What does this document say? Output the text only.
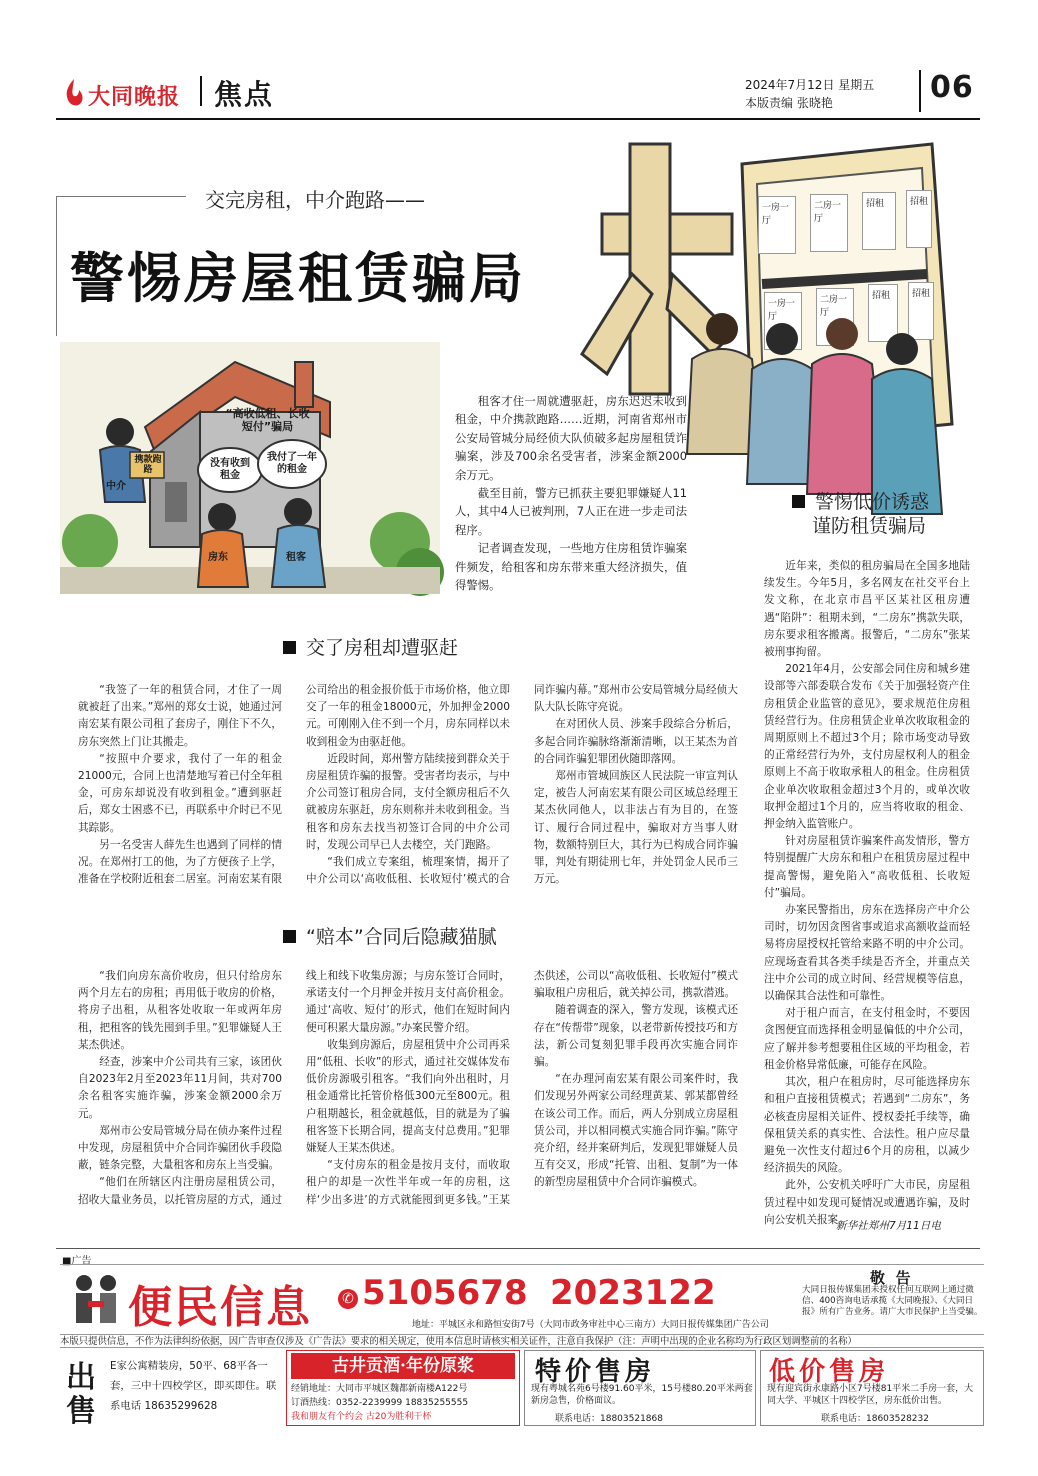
大同晚报 焦点	2024年7月12日 星期五
本版责编 张晓艳	06
交完房租，中介跑路——
警惕房屋租赁骗局
一房一厅
二房一厅
招租	招租
一房一厅
二房一厅
招租	招租
“高收低租、长收短付”骗局
没有收到租金
我付了一年的租金
中介
携款跑路
房东	租客

租客才住一周就遭驱赶，房东迟迟未收到租金，中介携款跑路……近期，河南省郑州市公安局管城分局经侦大队侦破多起房屋租赁诈骗案，涉及700余名受害者，涉案金额2000余万元。

截至目前，警方已抓获主要犯罪嫌疑人11人，其中4人已被判刑，7人正在进一步走司法程序。

记者调查发现，一些地方住房租赁诈骗案件频发，给租客和房东带来重大经济损失，值得警惕。

警惕低价诱惑
谨防租赁骗局

近年来，类似的租房骗局在全国多地陆续发生。今年5月，多名网友在社交平台上发文称，在北京市昌平区某社区租房遭遇“陷阱”：租期未到，“二房东”携款失联，房东要求租客搬离。报警后，“二房东”张某被刑事拘留。

2021年4月，公安部会同住房和城乡建设部等六部委联合发布《关于加强轻资产住房租赁企业监管的意见》，要求规范住房租赁经营行为。住房租赁企业单次收取租金的周期原则上不超过3个月；除市场变动导致的正常经营行为外，支付房屋权利人的租金原则上不高于收取承租人的租金。住房租赁企业单次收取租金超过3个月的，或单次收取押金超过1个月的，应当将收取的租金、押金纳入监管账户。

针对房屋租赁诈骗案件高发情形，警方特别提醒广大房东和租户在租赁房屋过程中提高警惕，避免陷入“高收低租、长收短付”骗局。

办案民警指出，房东在选择房产中介公司时，切勿因贪图省事或追求高额收益而轻易将房屋授权托管给来路不明的中介公司。应现场查看其各类手续是否齐全，并重点关注中介公司的成立时间、经营规模等信息，以确保其合法性和可靠性。

对于租户而言，在支付租金时，不要因贪图便宜而选择租金明显偏低的中介公司，应了解并参考想要租住区域的平均租金，若租金价格异常低廉，可能存在风险。

其次，租户在租房时，尽可能选择房东和租户直接租赁模式；若遇到“二房东”，务必核查房屋相关证件、授权委托手续等，确保租赁关系的真实性、合法性。租户应尽量避免一次性支付超过6个月的房租，以减少经济损失的风险。

此外，公安机关呼吁广大市民，房屋租赁过程中如发现可疑情况或遭遇诈骗，及时向公安机关报案。

新华社郑州7月11日电
交了房租却遭驱赶

“我签了一年的租赁合同，才住了一周就被赶了出来。”郑州的郑女士说，她通过河南宏某有限公司租了套房子，刚住下不久，房东突然上门让其搬走。

“按照中介要求，我付了一年的租金21000元，合同上也清楚地写着已付全年租金，可房东却说没有收到租金。”遭到驱赶后，郑女士困惑不已，再联系中介时已不见其踪影。

另一名受害人薛先生也遇到了同样的情况。在郑州打工的他，为了方便孩子上学，准备在学校附近租套二居室。河南宏某有限公司给出的租金报价低于市场价格，他立即交了一年的租金18000元，外加押金2000元。可刚刚入住不到一个月，房东同样以未收到租金为由驱赶他。

近段时间，郑州警方陆续接到群众关于房屋租赁诈骗的报警。受害者均表示，与中介公司签订租房合同，支付全额房租后不久就被房东驱赶，房东则称并未收到租金。当租客和房东去找当初签订合同的中介公司时，发现公司早已人去楼空，关门跑路。

“我们成立专案组，梳理案情，揭开了中介公司以‘高收低租、长收短付’模式的合同诈骗内幕。”郑州市公安局管城分局经侦大队大队长陈守亮说。

在对团伙人员、涉案手段综合分析后，多起合同诈骗脉络渐渐清晰，以王某杰为首的合同诈骗犯罪团伙随即落网。

郑州市管城回族区人民法院一审宣判认定，被告人河南宏某有限公司区域总经理王某杰伙同他人，以非法占有为目的，在签订、履行合同过程中，骗取对方当事人财物，数额特别巨大，其行为已构成合同诈骗罪，判处有期徒刑七年，并处罚金人民币三万元。

“赔本”合同后隐藏猫腻

“我们向房东高价收房，但只付给房东两个月左右的房租；再用低于收房的价格，将房子出租，从租客处收取一年或两年房租，把租客的钱先囤到手里。”犯罪嫌疑人王某杰供述。

经查，涉案中介公司共有三家，该团伙自2023年2月至2023年11月间，共对700余名租客实施诈骗，涉案金额2000余万元。

郑州市公安局管城分局在侦办案件过程中发现，房屋租赁中介合同诈骗团伙手段隐蔽，链条完整，大量租客和房东上当受骗。

“他们在所辖区内注册房屋租赁公司，招收大量业务员，以托管房屋的方式，通过线上和线下收集房源；与房东签订合同时，承诺支付一个月押金并按月支付高价租金。通过‘高收、短付’的形式，他们在短时间内便可积累大量房源。”办案民警介绍。

收集到房源后，房屋租赁中介公司再采用“低租、长收”的形式，通过社交媒体发布低价房源吸引租客。“我们向外出租时，月租金通常比托管价格低300元至800元。租户租期越长，租金就越低，目的就是为了骗租客签下长期合同，提高支付总费用。”犯罪嫌疑人王某杰供述。

“支付房东的租金是按月支付，而收取租户的却是一次性半年或一年的房租，这样‘少出多进’的方式就能囤到更多钱。”王某杰供述，公司以“高收低租、长收短付”模式骗取租户房租后，就关掉公司，携款潜逃。

随着调查的深入，警方发现，该模式还存在“传帮带”现象，以老带新传授技巧和方法，新公司复刻犯罪手段再次实施合同诈骗。

“在办理河南宏某有限公司案件时，我们发现另外两家公司经理黄某、郭某都曾经在该公司工作。而后，两人分别成立房屋租赁公司，并以相同模式实施合同诈骗。”陈守亮介绍，经并案研判后，发现犯罪嫌疑人员互有交叉，形成“托管、出租、复制”为一体的新型房屋租赁中介合同诈骗模式。

■广告
便民信息 ✆ 5105678 2023122
地址：平城区永和路恒安街7号（大同市政务审社中心三南方）大同日报传媒集团广告公司
敬  告
大同日报传媒集团未授权任何互联网上通过微信、400咨询电话承揽《大同晚报》、《大同日报》所有广告业务。请广大市民保护上当受骗。
本版只提供信息，不作为法律纠纷依据，因广告审查仅涉及《广告法》要求的相关规定，使用本信息时请核实相关证件，注意自我保护（注：声明中出现的企业名称均为行政区划调整前的名称）
出
售
E家公寓精装房，50平、68平各一套，三中十四校学区，即买即住。联系电话 18635299628
古井贡酒·年份原浆
经销地址：大同市平城区魏都新南楼A122号
订酒热线：0352-2239999 18835255555
我和朋友有个约会 古20为胜利干杯
特价售房
现有粤城名苑6号楼91.60平米，15号楼80.20平米两套新房急售，价格面议。
联系电话：18803521868
低价售房
现有迎宾街永康路小区7号楼81平米二手房一套，大同大学、平城区十四校学区，房东低价出售。
联系电话：18603528232
